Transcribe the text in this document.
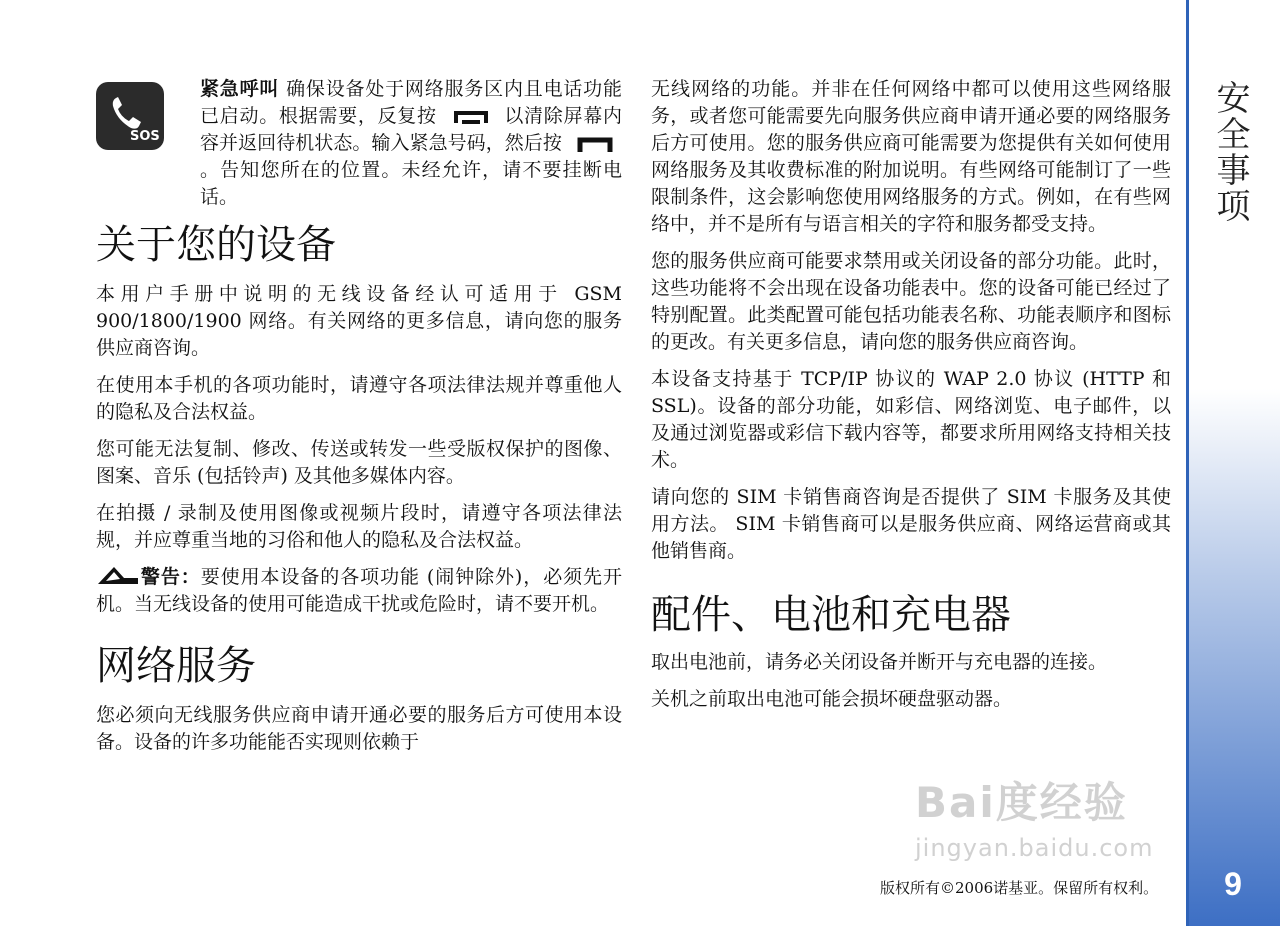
SOS

紧急呼叫 确保设备处于网络服务区内且电话功能已启动。根据需要，反复按	以清除屏幕内容并返回待机状态。输入紧急号码，然后按  。告知您所在的位置。未经允许，请不要挂断电话。

关于您的设备

本用户手册中说明的无线设备经认可适用于 GSM 900/1800/1900 网络。有关网络的更多信息，请向您的服务供应商咨询。

在使用本手机的各项功能时，请遵守各项法律法规并尊重他人的隐私及合法权益。

您可能无法复制、修改、传送或转发一些受版权保护的图像、图案、音乐 (包括铃声) 及其他多媒体内容。

在拍摄 / 录制及使用图像或视频片段时，请遵守各项法律法规，并应尊重当地的习俗和他人的隐私及合法权益。

警告：要使用本设备的各项功能 (闹钟除外)，必须先开机。当无线设备的使用可能造成干扰或危险时，请不要开机。

网络服务

您必须向无线服务供应商申请开通必要的服务后方可使用本设备。设备的许多功能能否实现则依赖于

无线网络的功能。并非在任何网络中都可以使用这些网络服务，或者您可能需要先向服务供应商申请开通必要的网络服务后方可使用。您的服务供应商可能需要为您提供有关如何使用网络服务及其收费标准的附加说明。有些网络可能制订了一些限制条件，这会影响您使用网络服务的方式。例如，在有些网络中，并不是所有与语言相关的字符和服务都受支持。

您的服务供应商可能要求禁用或关闭设备的部分功能。此时，这些功能将不会出现在设备功能表中。您的设备可能已经过了特别配置。此类配置可能包括功能表名称、功能表顺序和图标的更改。有关更多信息，请向您的服务供应商咨询。

本设备支持基于 TCP/IP 协议的 WAP 2.0 协议 (HTTP 和 SSL)。设备的部分功能，如彩信、网络浏览、电子邮件，以及通过浏览器或彩信下载内容等，都要求所用网络支持相关技术。

请向您的 SIM 卡销售商咨询是否提供了 SIM 卡服务及其使用方法。 SIM 卡销售商可以是服务供应商、网络运营商或其他销售商。

配件、电池和充电器

取出电池前，请务必关闭设备并断开与充电器的连接。

关机之前取出电池可能会损坏硬盘驱动器。

安全事项
9
版权所有©2006诺基亚。保留所有权利。
Bai度经验
jingyan.baidu.com
